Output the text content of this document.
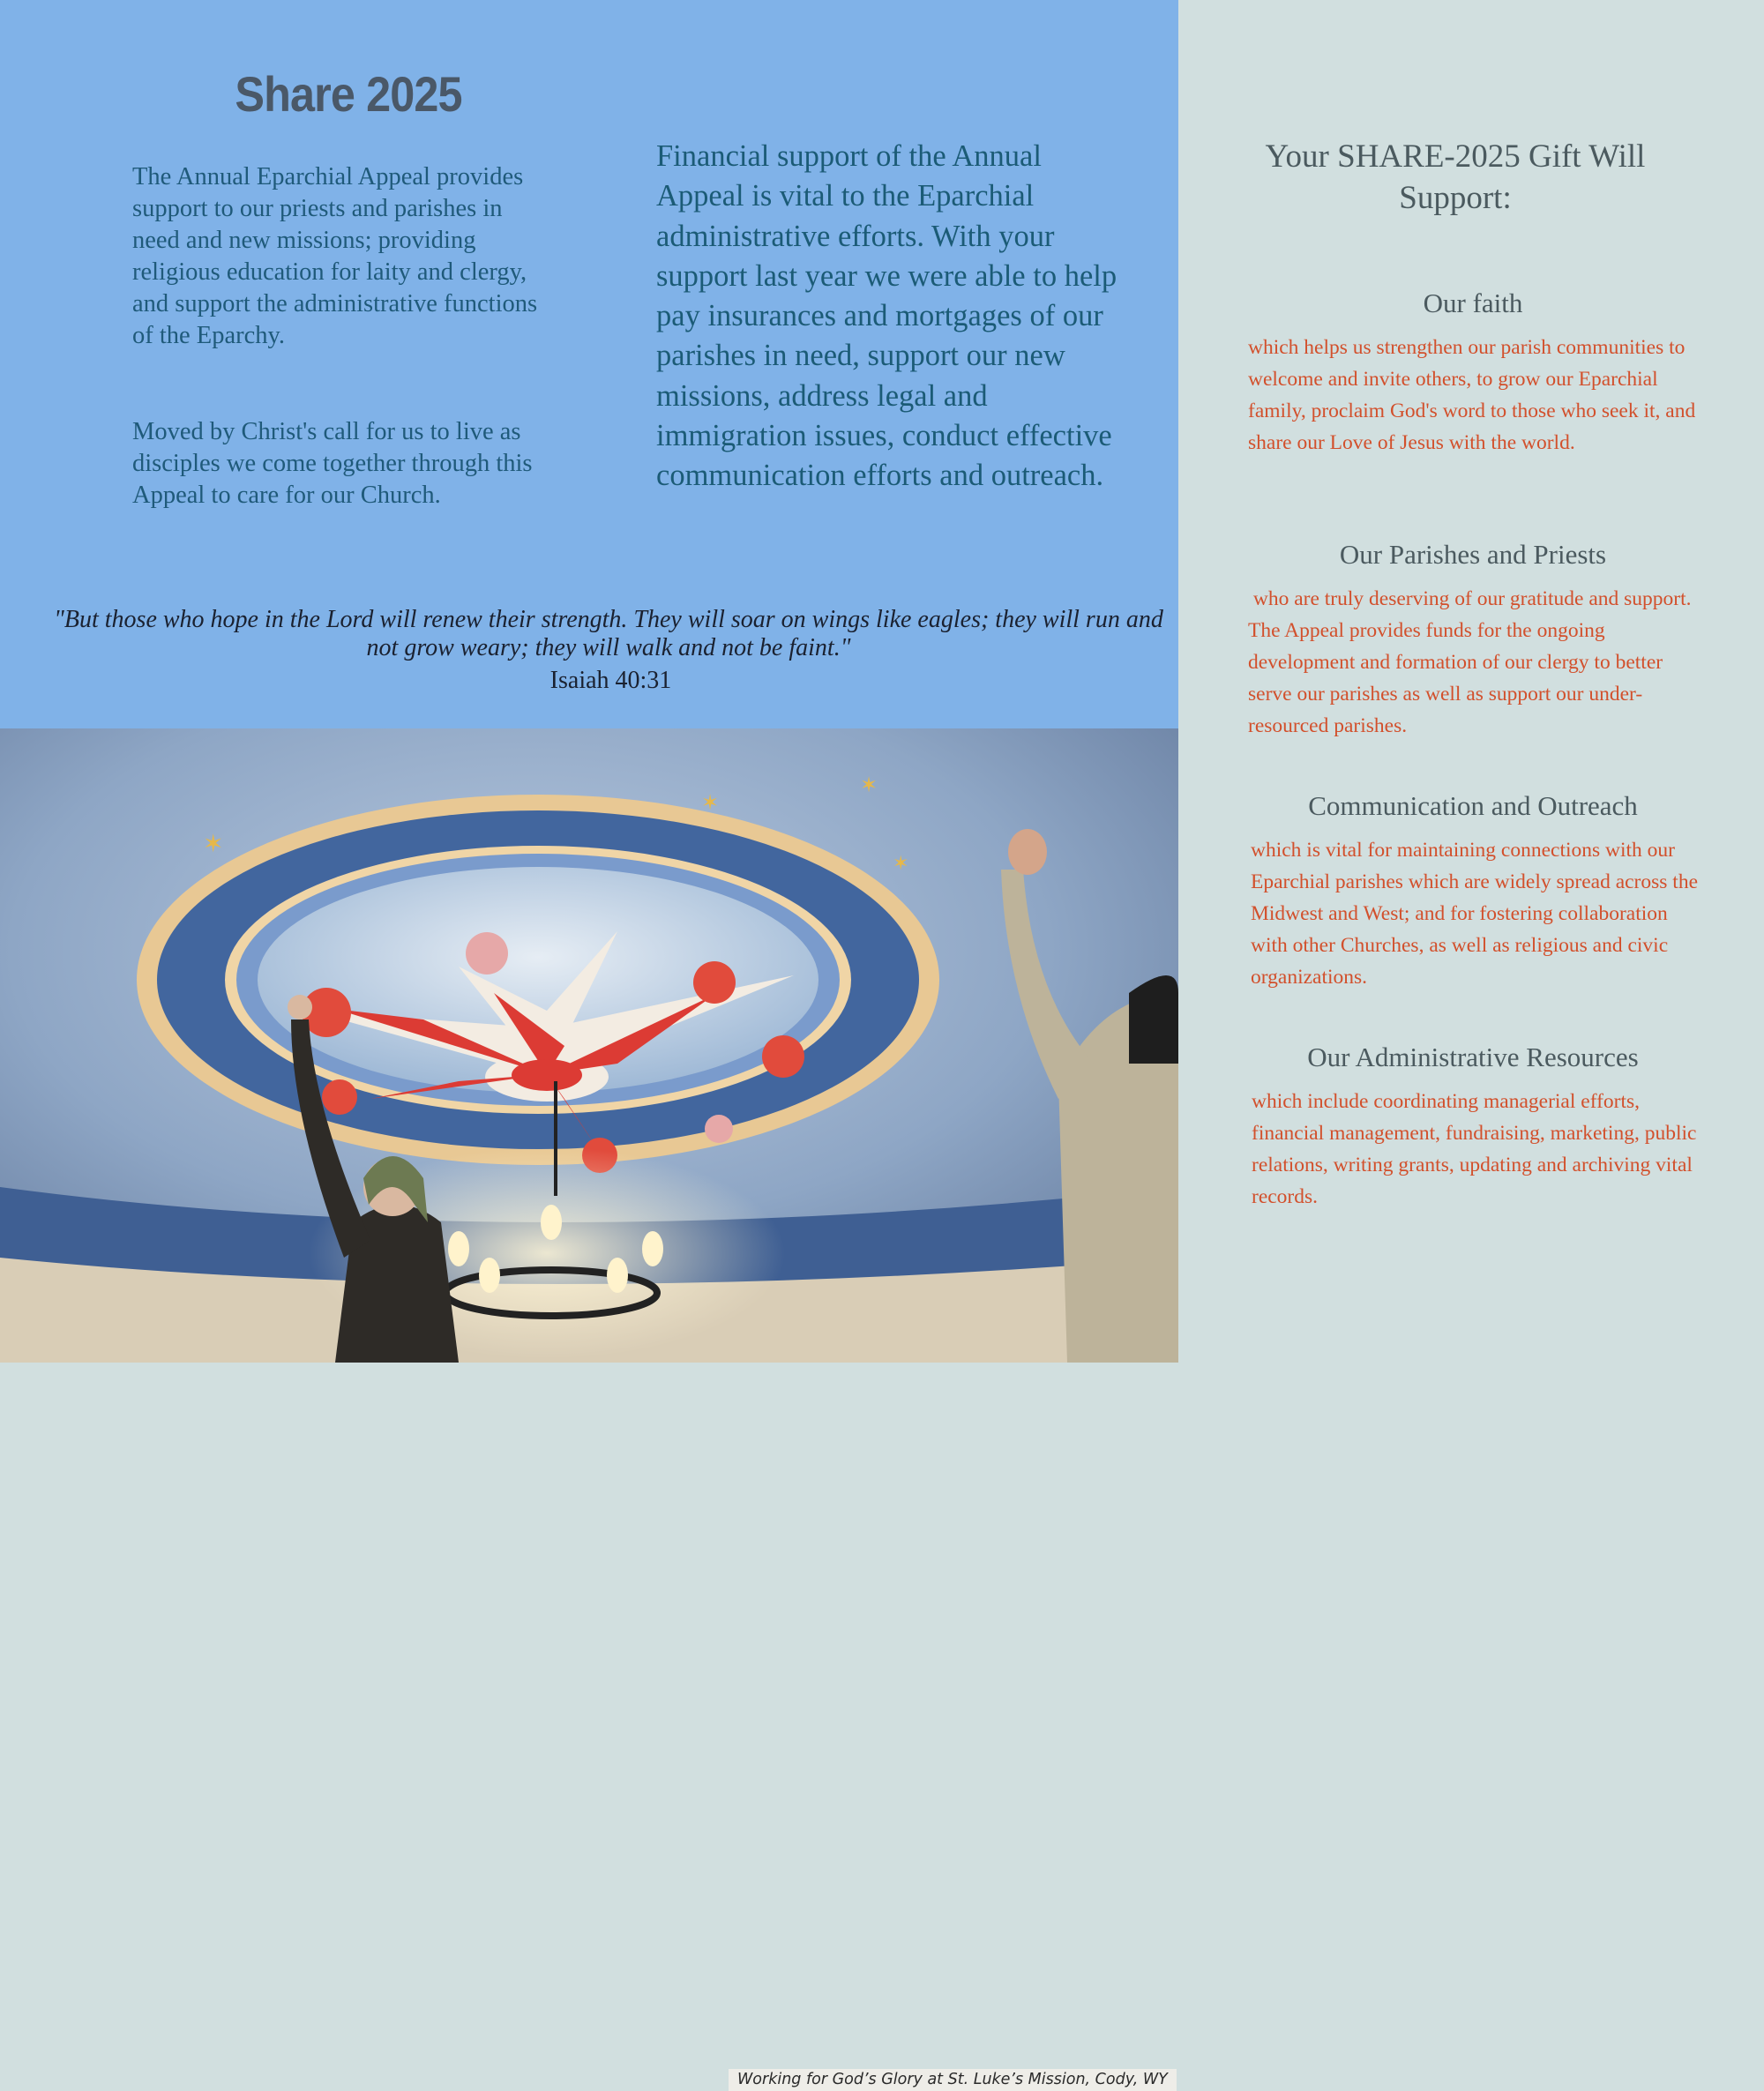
Share 2025

The Annual Eparchial Appeal provides support to our priests and parishes in need and new missions; providing religious education for laity and clergy, and support the administrative functions of the Eparchy.

Moved by Christ's call for us to live as disciples we come together through this Appeal to care for our Church.

Financial support of the Annual Appeal is vital to the Eparchial administrative efforts. With your support last year we were able to help pay insurances and mortgages of our parishes in need, support our new missions, address legal and immigration issues, conduct effective communication efforts and outreach.

"But those who hope in the Lord will renew their strength. They will soar on wings like eagles; they will run and not grow weary; they will walk and not be faint."

Isaiah 40:31
✶
✶
✶
✶
Working for God’s Glory at St. Luke’s Mission, Cody, WY
Your SHARE-2025 Gift Will Support:
Our faith

which helps us strengthen our parish communities to welcome and invite others, to grow our Eparchial family, proclaim God's word to those who seek it, and share our Love of Jesus with the world.

Our Parishes and Priests

who are truly deserving of our gratitude and support. The Appeal provides funds for the ongoing development and formation of our clergy to better serve our parishes as well as support our under-resourced parishes.

Communication and Outreach

which is vital for maintaining connections with our Eparchial parishes which are widely spread across the Midwest and West; and for fostering collaboration with other Churches, as well as religious and civic organizations.

Our Administrative Resources

which include coordinating managerial efforts, financial management, fundraising, marketing, public relations, writing grants, updating and archiving vital records.
